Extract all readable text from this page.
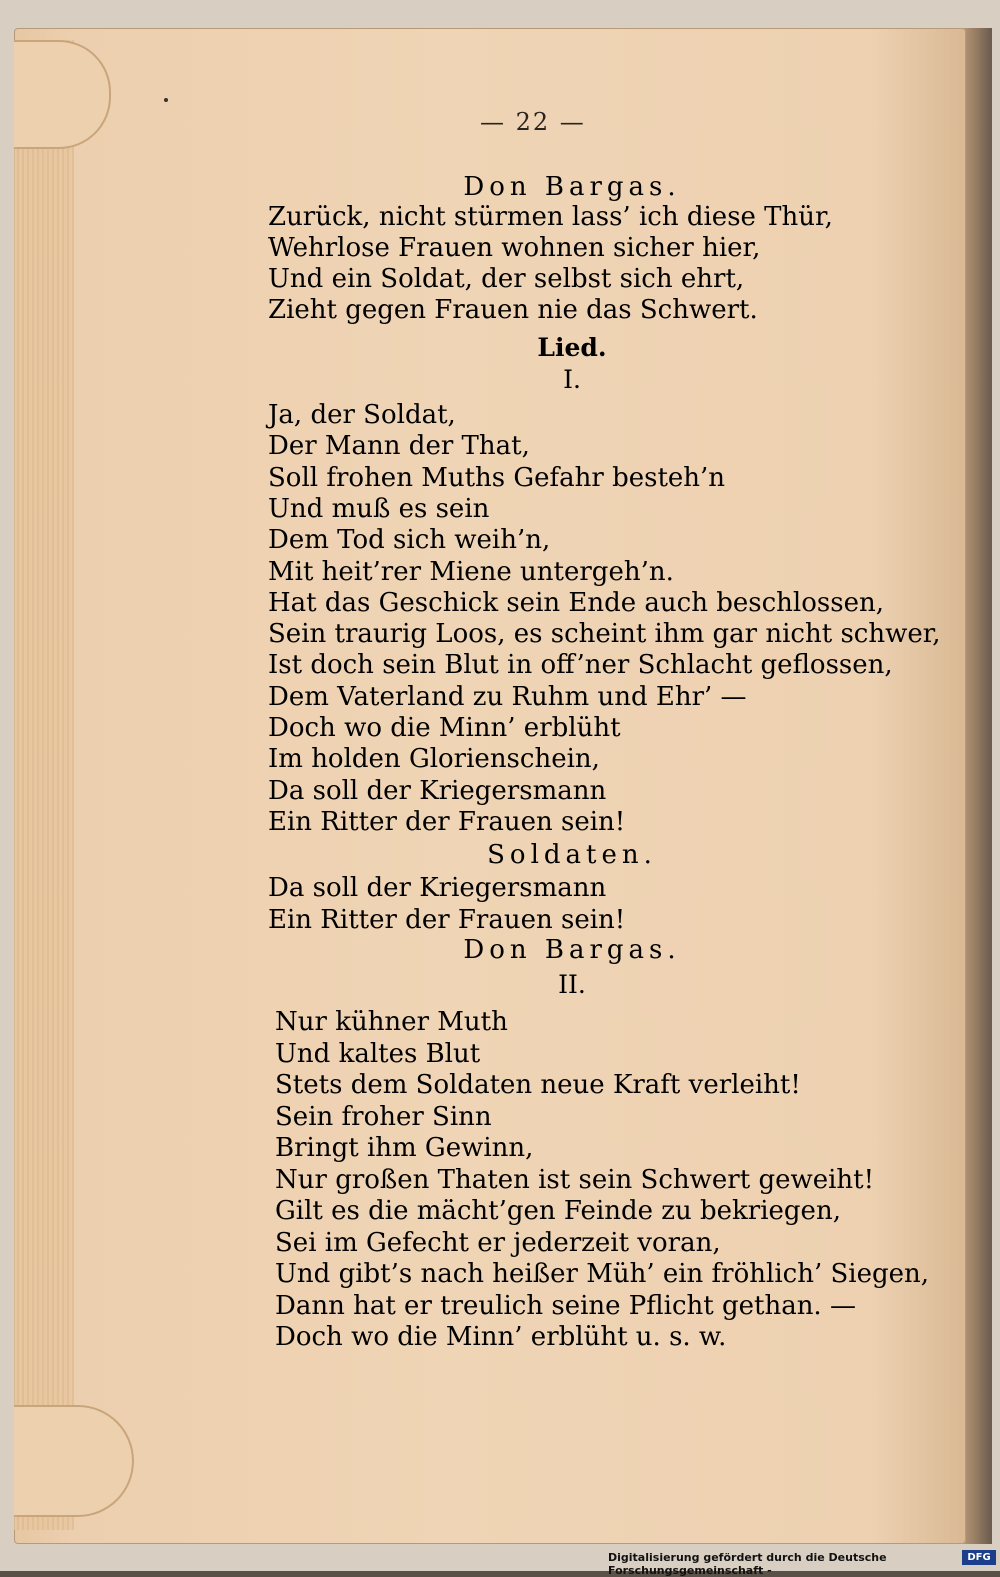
— 22 —
Don Bargas.
Zurück, nicht stürmen lass’ ich diese Thür,
Wehrlose Frauen wohnen sicher hier,
Und ein Soldat, der selbst sich ehrt,
Zieht gegen Frauen nie das Schwert.
Lied.
I.
Ja, der Soldat,
Der Mann der That,
Soll frohen Muths Gefahr besteh’n
Und muß es sein
Dem Tod sich weih’n,
Mit heit’rer Miene untergeh’n.
Hat das Geschick sein Ende auch beschlossen,
Sein traurig Loos, es scheint ihm gar nicht schwer,
Ist doch sein Blut in off’ner Schlacht geflossen,
Dem Vaterland zu Ruhm und Ehr’ —
Doch wo die Minn’ erblüht
Im holden Glorienschein,
Da soll der Kriegersmann
Ein Ritter der Frauen sein!
Soldaten.
Da soll der Kriegersmann
Ein Ritter der Frauen sein!
Don Bargas.
II.
Nur kühner Muth
Und kaltes Blut
Stets dem Soldaten neue Kraft verleiht!
Sein froher Sinn
Bringt ihm Gewinn,
Nur großen Thaten ist sein Schwert geweiht!
Gilt es die mächt’gen Feinde zu bekriegen,
Sei im Gefecht er jederzeit voran,
Und gibt’s nach heißer Müh’ ein fröhlich’ Siegen,
Dann hat er treulich seine Pflicht gethan. —
Doch wo die Minn’ erblüht u. s. w.
Digitalisierung gefördert durch die Deutsche Forschungsgemeinschaft -
DFG
